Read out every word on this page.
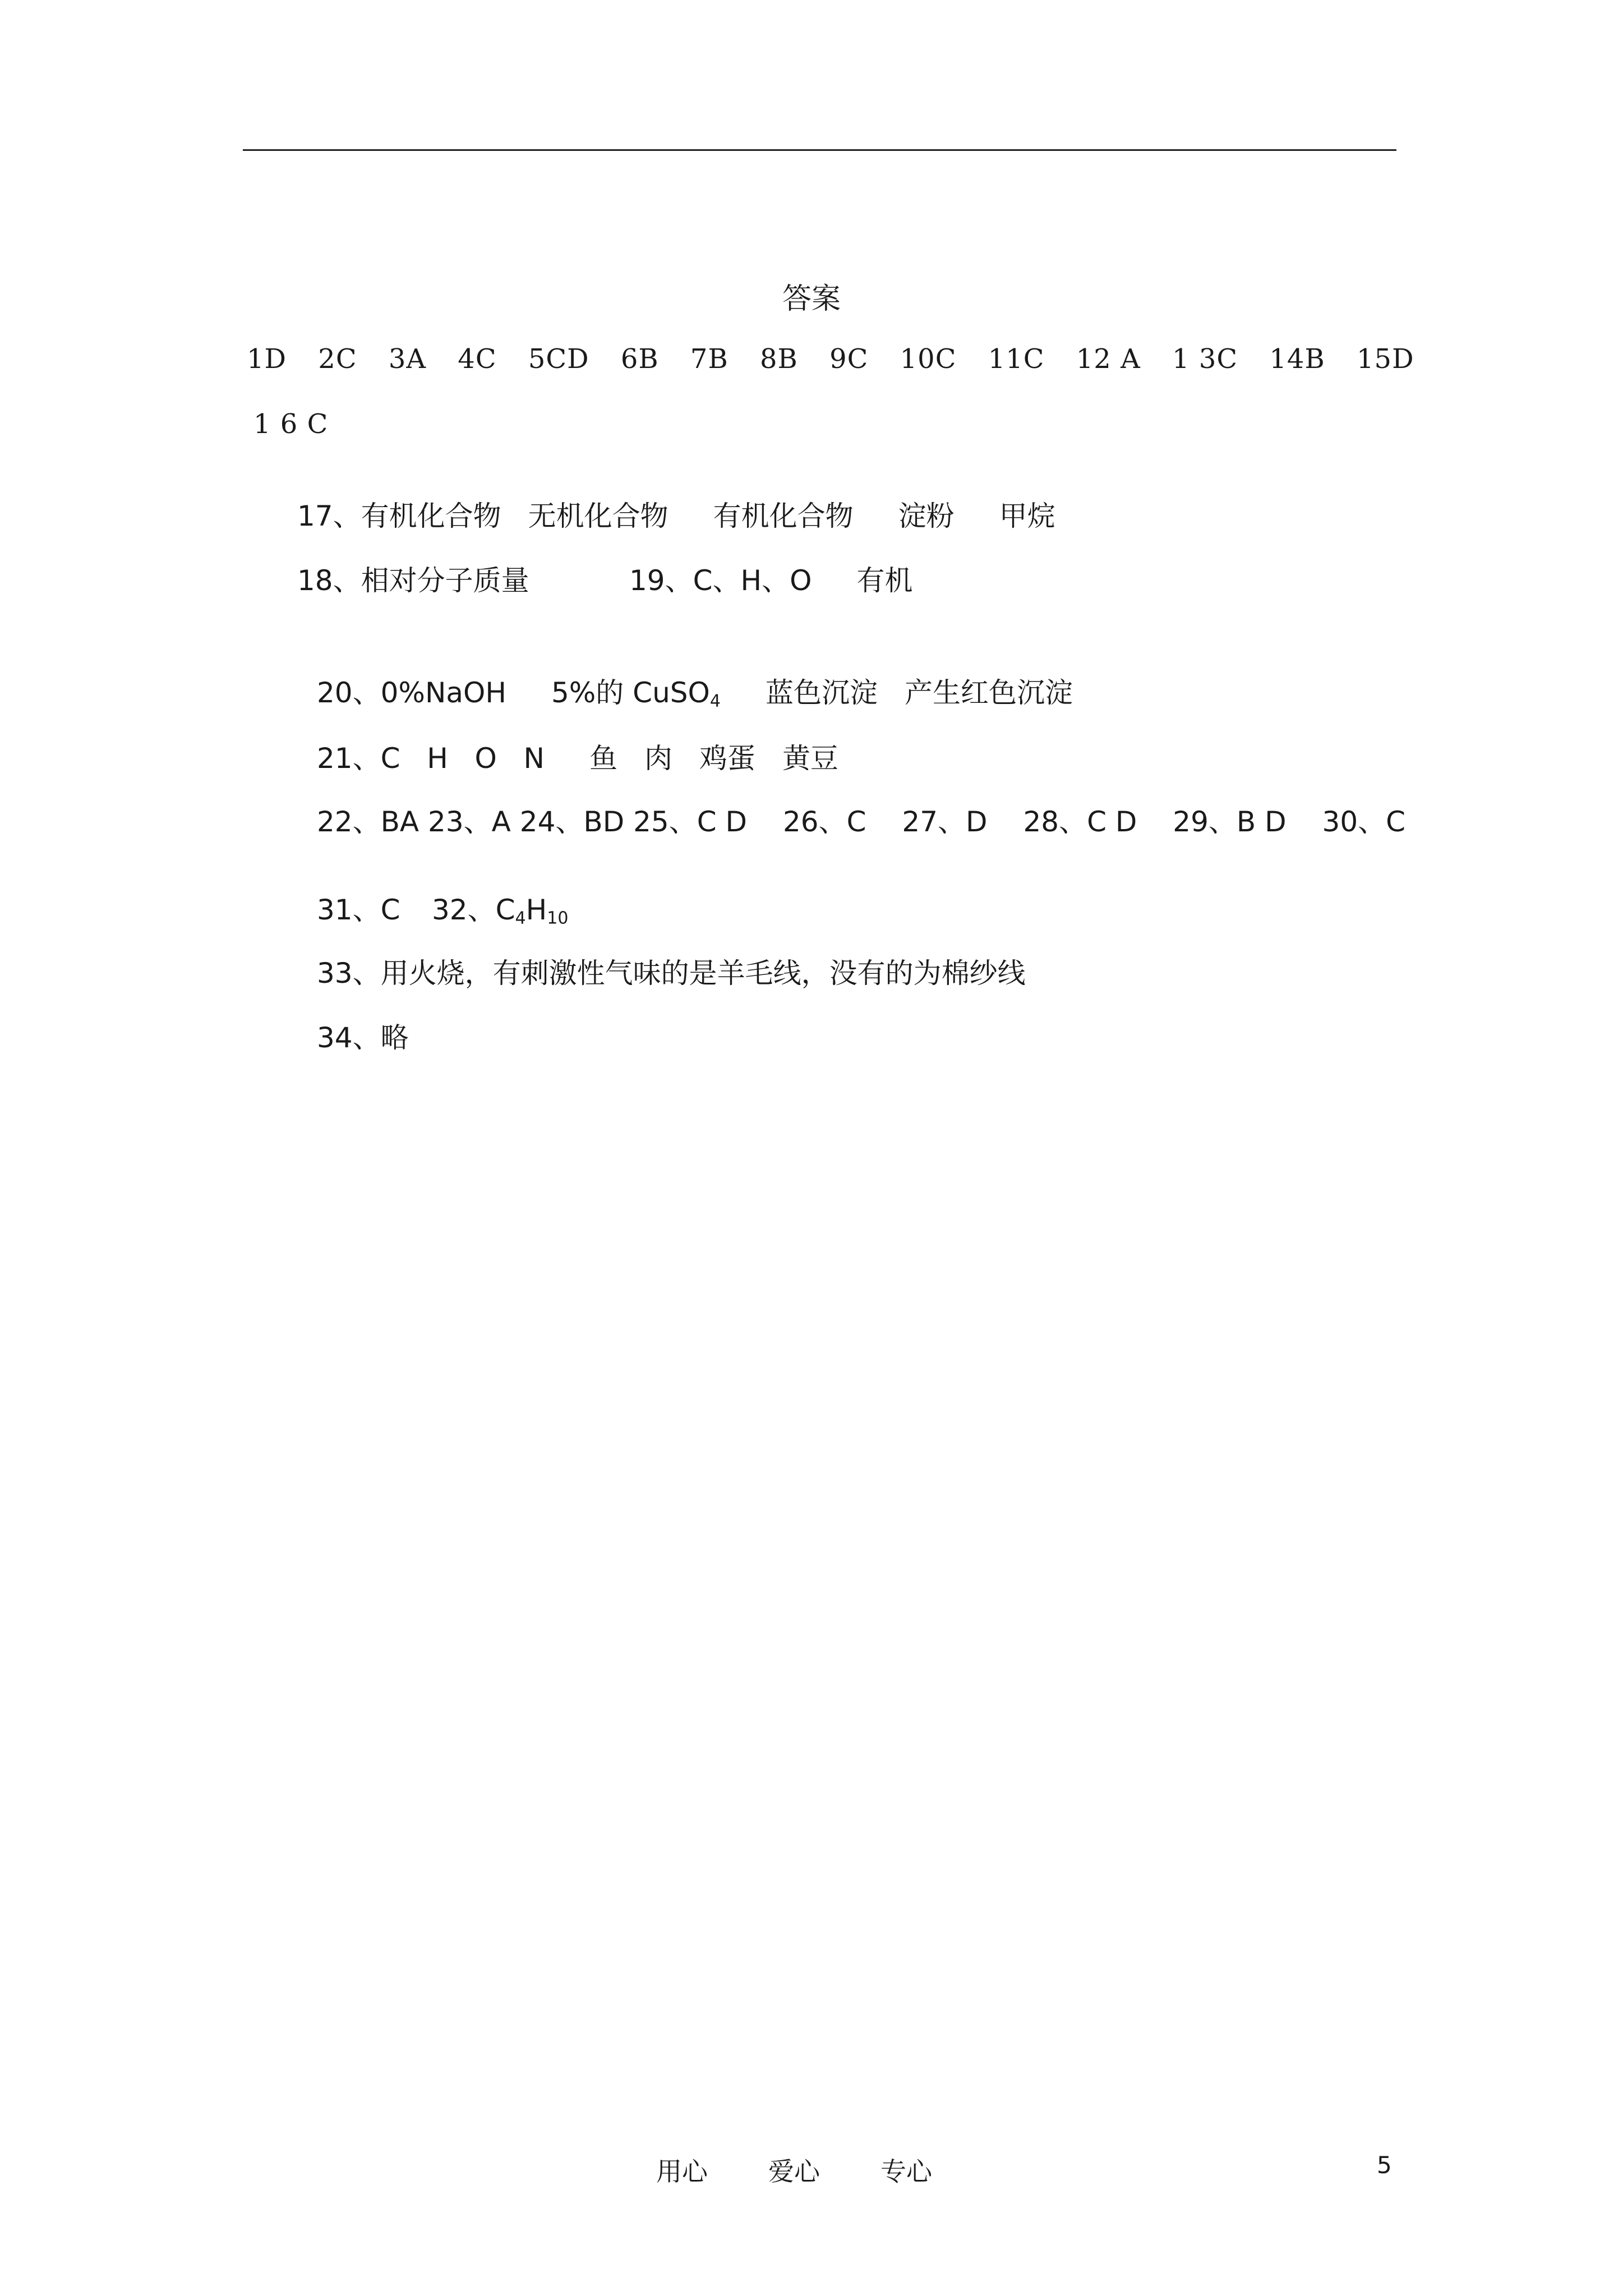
答案
1D 2C 3A 4C 5CD 6B 7B 8B 9C 10C 11C 12 A 1 3C 14B 15D
1 6 C
17、有机化合物 无机化合物 有机化合物 淀粉 甲烷
18、相对分子质量	19、C、H、O 有机
20、0%NaOH 5%的 CuSO$_4$ 蓝色沉淀 产生红色沉淀
21、C   H   O   N 鱼 肉 鸡蛋 黄豆
22、BA 23、A 24、BD 25、C D 26、C 27、D 28、C D 29、B D 30、C
31、C 32、$C_4H_{10}$
33、用火烧，有刺激性气味的是羊毛线，没有的为棉纱线
34、略
用心 爱心 专心	5
